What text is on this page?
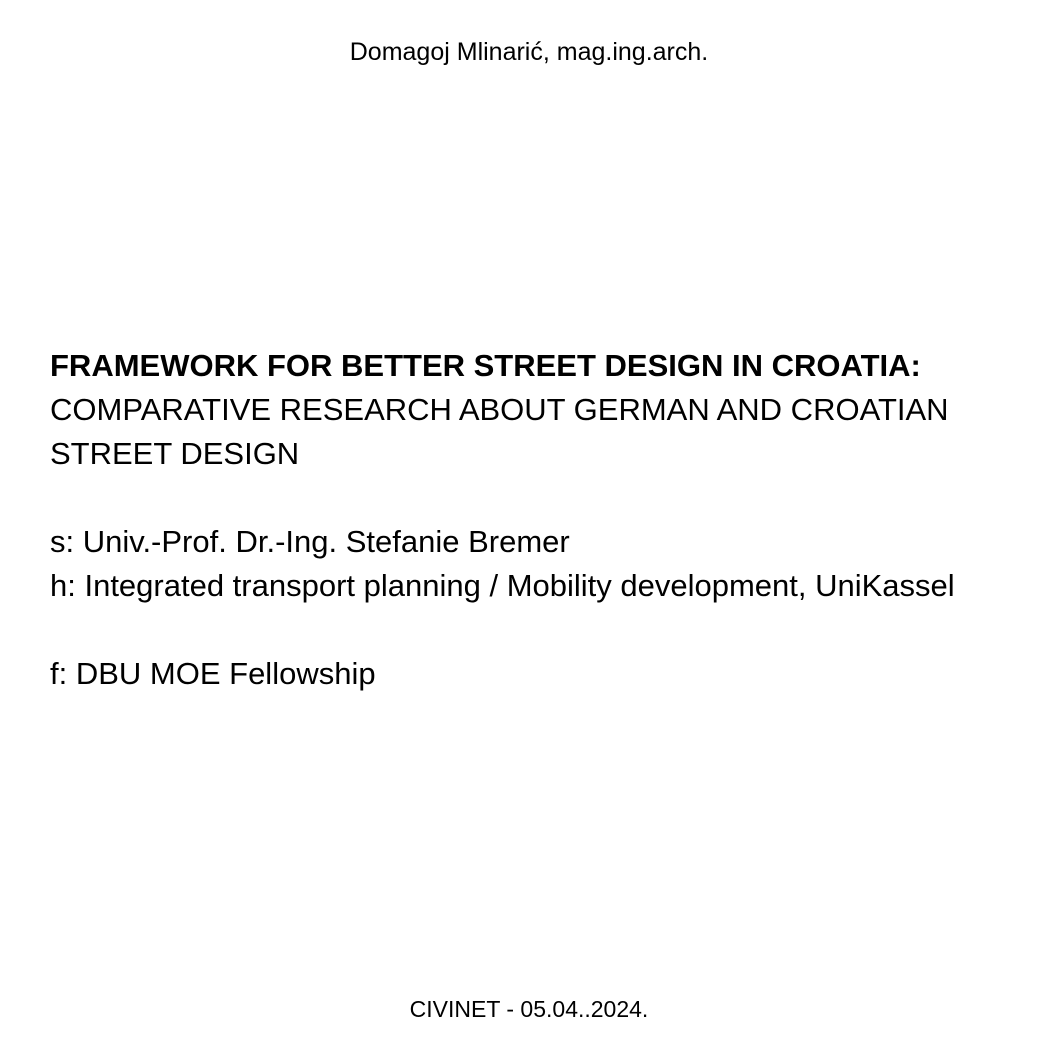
Domagoj Mlinarić, mag.ing.arch.

FRAMEWORK FOR BETTER STREET DESIGN IN CROATIA:

COMPARATIVE RESEARCH ABOUT GERMAN AND CROATIAN

STREET DESIGN

s: Univ.-Prof. Dr.-Ing. Stefanie Bremer

h: Integrated transport planning / Mobility development, UniKassel

f: DBU MOE Fellowship

CIVINET - 05.04..2024.
